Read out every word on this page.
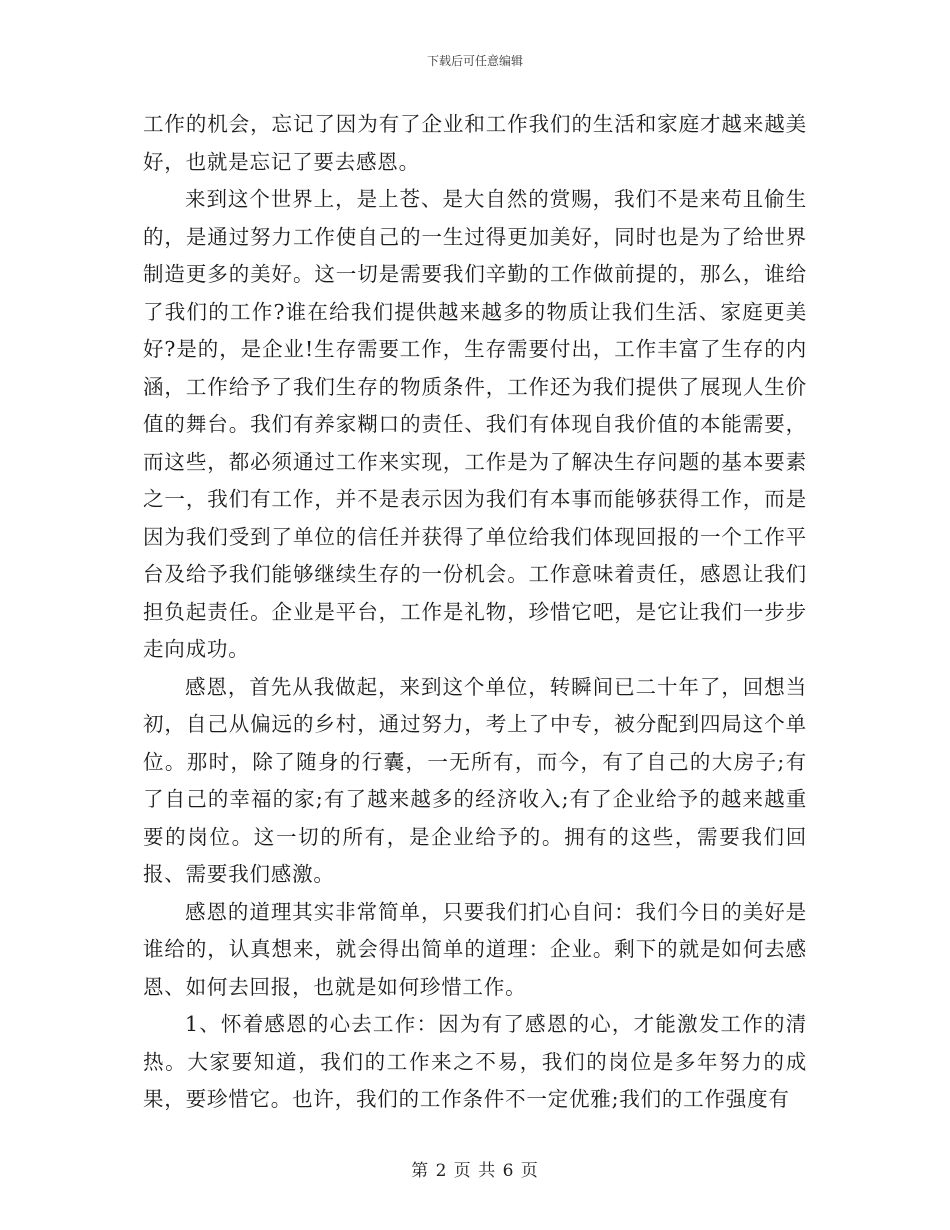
下载后可任意编辑

工作的机会，忘记了因为有了企业和工作我们的生活和家庭才越来越美好，也就是忘记了要去感恩。

来到这个世界上，是上苍、是大自然的赏赐，我们不是来苟且偷生的，是通过努力工作使自己的一生过得更加美好，同时也是为了给世界制造更多的美好。这一切是需要我们辛勤的工作做前提的，那么，谁给了我们的工作?谁在给我们提供越来越多的物质让我们生活、家庭更美好?是的，是企业!生存需要工作，生存需要付出，工作丰富了生存的内涵，工作给予了我们生存的物质条件，工作还为我们提供了展现人生价值的舞台。我们有养家糊口的责任、我们有体现自我价值的本能需要，而这些，都必须通过工作来实现，工作是为了解决生存问题的基本要素之一，我们有工作，并不是表示因为我们有本事而能够获得工作，而是因为我们受到了单位的信任并获得了单位给我们体现回报的一个工作平台及给予我们能够继续生存的一份机会。工作意味着责任，感恩让我们担负起责任。企业是平台，工作是礼物，珍惜它吧，是它让我们一步步走向成功。

感恩，首先从我做起，来到这个单位，转瞬间已二十年了，回想当初，自己从偏远的乡村，通过努力，考上了中专，被分配到四局这个单位。那时，除了随身的行囊，一无所有，而今，有了自己的大房子;有了自己的幸福的家;有了越来越多的经济收入;有了企业给予的越来越重要的岗位。这一切的所有，是企业给予的。拥有的这些，需要我们回报、需要我们感激。

感恩的道理其实非常简单，只要我们扪心自问：我们今日的美好是谁给的，认真想来，就会得出简单的道理：企业。剩下的就是如何去感恩、如何去回报，也就是如何珍惜工作。

1、怀着感恩的心去工作：因为有了感恩的心，才能激发工作的清热。大家要知道，我们的工作来之不易，我们的岗位是多年努力的成果，要珍惜它。也许，我们的工作条件不一定优雅;我们的工作强度有

第 2 页 共 6 页
